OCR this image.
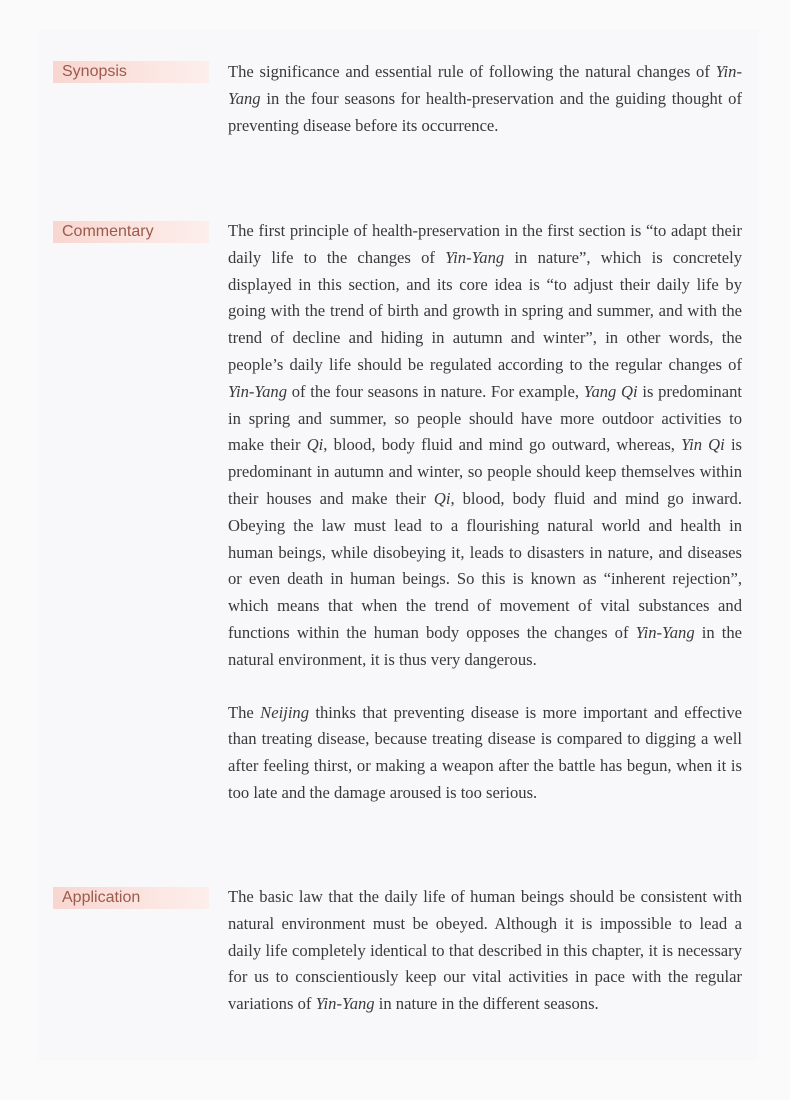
Synopsis	The significance and essential rule of following the natural changes of Yin-Yang in the four seasons for health-preservation and the guiding thought of preventing disease before its occurrence.

Commentary	The first principle of health-preservation in the first section is “to adapt their daily life to the changes of Yin-Yang in nature”, which is concretely displayed in this section, and its core idea is “to adjust their daily life by going with the trend of birth and growth in spring and summer, and with the trend of decline and hiding in autumn and winter”, in other words, the people’s daily life should be regulated according to the regular changes of Yin-Yang of the four seasons in nature. For example, Yang Qi is predominant in spring and summer, so people should have more outdoor activities to make their Qi, blood, body fluid and mind go outward, whereas, Yin Qi is predominant in autumn and winter, so people should keep themselves within their houses and make their Qi, blood, body fluid and mind go inward. Obeying the law must lead to a flourishing natural world and health in human beings, while disobeying it, leads to disasters in nature, and diseases or even death in human beings. So this is known as “inherent rejection”, which means that when the trend of movement of vital substances and functions within the human body opposes the changes of Yin-Yang in the natural environment, it is thus very dangerous.

The Neijing thinks that preventing disease is more important and effective than treating disease, because treating disease is compared to digging a well after feeling thirst, or making a weapon after the battle has begun, when it is too late and the damage aroused is too serious.

Application	The basic law that the daily life of human beings should be consistent with natural environment must be obeyed. Although it is impossible to lead a daily life completely identical to that described in this chapter, it is necessary for us to conscientiously keep our vital activities in pace with the regular variations of Yin-Yang in nature in the different seasons.
